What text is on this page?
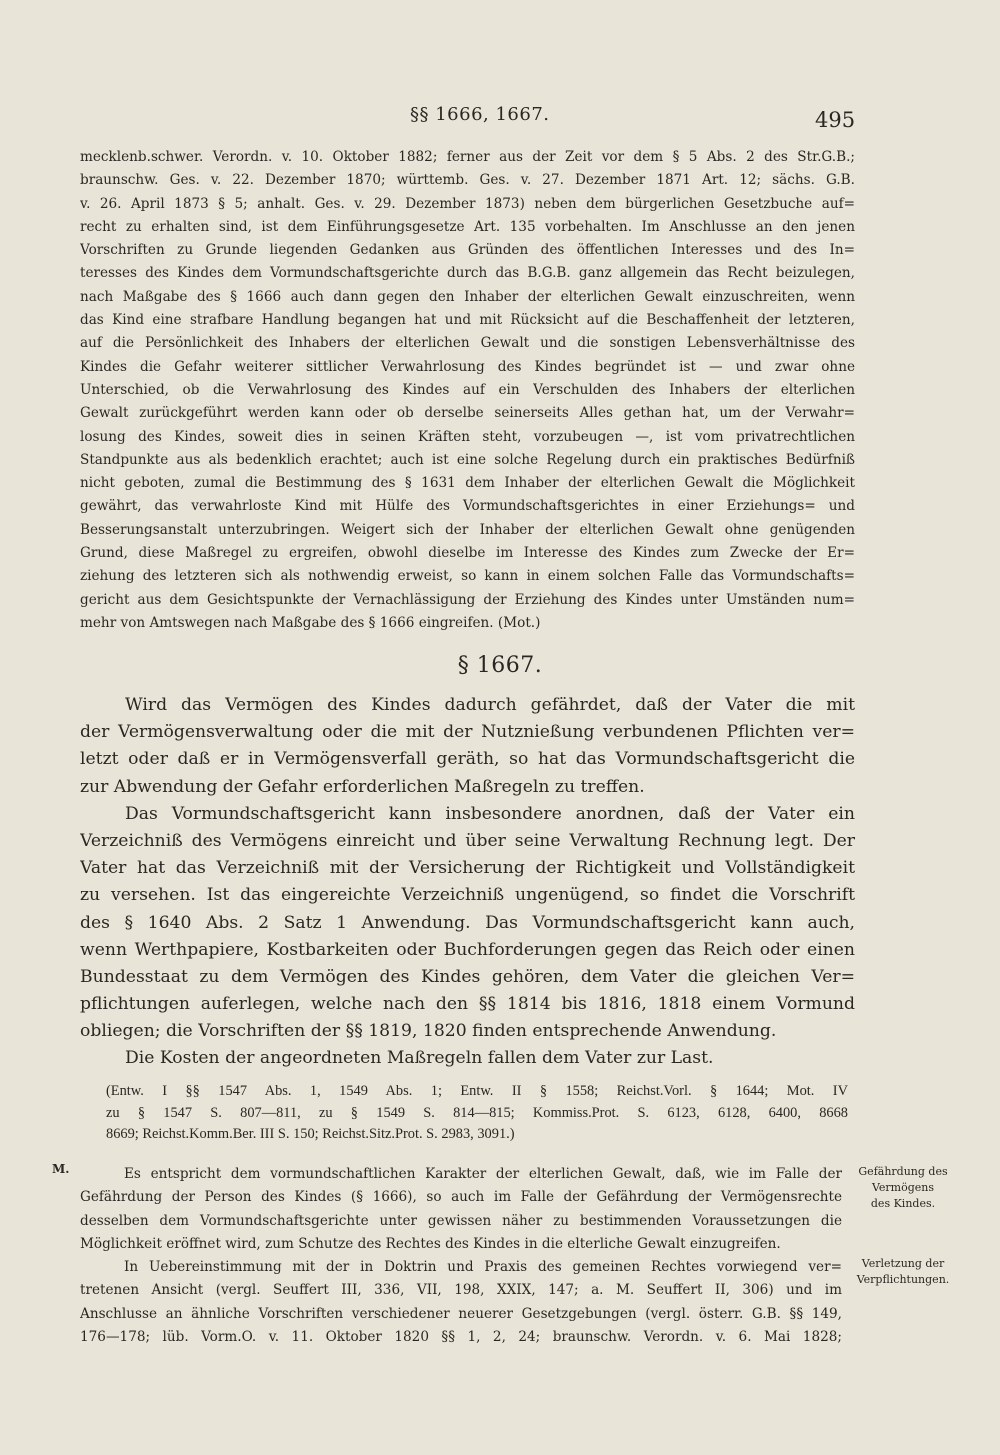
§§ 1666, 1667.	495
mecklenb.schwer. Verordn. v. 10. Oktober 1882; ferner aus der Zeit vor dem § 5 Abs. 2 des Str.G.B.;
braunschw. Ges. v. 22. Dezember 1870; württemb. Ges. v. 27. Dezember 1871 Art. 12; sächs. G.B.
v. 26. April 1873 § 5; anhalt. Ges. v. 29. Dezember 1873) neben dem bürgerlichen Gesetzbuche auf=
recht zu erhalten sind, ist dem Einführungsgesetze Art. 135 vorbehalten. Im Anschlusse an den jenen
Vorschriften zu Grunde liegenden Gedanken aus Gründen des öffentlichen Interesses und des In=
teresses des Kindes dem Vormundschaftsgerichte durch das B.G.B. ganz allgemein das Recht beizulegen,
nach Maßgabe des § 1666 auch dann gegen den Inhaber der elterlichen Gewalt einzuschreiten, wenn
das Kind eine strafbare Handlung begangen hat und mit Rücksicht auf die Beschaffenheit der letzteren,
auf die Persönlichkeit des Inhabers der elterlichen Gewalt und die sonstigen Lebensverhältnisse des
Kindes die Gefahr weiterer sittlicher Verwahrlosung des Kindes begründet ist — und zwar ohne
Unterschied, ob die Verwahrlosung des Kindes auf ein Verschulden des Inhabers der elterlichen
Gewalt zurückgeführt werden kann oder ob derselbe seinerseits Alles gethan hat, um der Verwahr=
losung des Kindes, soweit dies in seinen Kräften steht, vorzubeugen —, ist vom privatrechtlichen
Standpunkte aus als bedenklich erachtet; auch ist eine solche Regelung durch ein praktisches Bedürfniß
nicht geboten, zumal die Bestimmung des § 1631 dem Inhaber der elterlichen Gewalt die Möglichkeit
gewährt, das verwahrloste Kind mit Hülfe des Vormundschaftsgerichtes in einer Erziehungs= und
Besserungsanstalt unterzubringen. Weigert sich der Inhaber der elterlichen Gewalt ohne genügenden
Grund, diese Maßregel zu ergreifen, obwohl dieselbe im Interesse des Kindes zum Zwecke der Er=
ziehung des letzteren sich als nothwendig erweist, so kann in einem solchen Falle das Vormundschafts=
gericht aus dem Gesichtspunkte der Vernachlässigung der Erziehung des Kindes unter Umständen num=
mehr von Amtswegen nach Maßgabe des § 1666 eingreifen. (Mot.)
§ 1667.
Wird das Vermögen des Kindes dadurch gefährdet, daß der Vater die mit
der Vermögensverwaltung oder die mit der Nutznießung verbundenen Pflichten ver=
letzt oder daß er in Vermögensverfall geräth, so hat das Vormundschaftsgericht die
zur Abwendung der Gefahr erforderlichen Maßregeln zu treffen.
Das Vormundschaftsgericht kann insbesondere anordnen, daß der Vater ein
Verzeichniß des Vermögens einreicht und über seine Verwaltung Rechnung legt. Der
Vater hat das Verzeichniß mit der Versicherung der Richtigkeit und Vollständigkeit
zu versehen. Ist das eingereichte Verzeichniß ungenügend, so findet die Vorschrift
des § 1640 Abs. 2 Satz 1 Anwendung. Das Vormundschaftsgericht kann auch,
wenn Werthpapiere, Kostbarkeiten oder Buchforderungen gegen das Reich oder einen
Bundesstaat zu dem Vermögen des Kindes gehören, dem Vater die gleichen Ver=
pflichtungen auferlegen, welche nach den §§ 1814 bis 1816, 1818 einem Vormund
obliegen; die Vorschriften der §§ 1819, 1820 finden entsprechende Anwendung.
Die Kosten der angeordneten Maßregeln fallen dem Vater zur Last.
(Entw. I §§ 1547 Abs. 1, 1549 Abs. 1; Entw. II § 1558; Reichst.Vorl. § 1644; Mot. IV
zu § 1547 S. 807—811, zu § 1549 S. 814—815; Kommiss.Prot. S. 6123, 6128, 6400, 8668
8669; Reichst.Komm.Ber. III S. 150; Reichst.Sitz.Prot. S. 2983, 3091.)
M.	Es entspricht dem vormundschaftlichen Karakter der elterlichen Gewalt, daß, wie im Falle der
Gefährdung der Person des Kindes (§ 1666), so auch im Falle der Gefährdung der Vermögensrechte
desselben dem Vormundschaftsgerichte unter gewissen näher zu bestimmenden Voraussetzungen die
Möglichkeit eröffnet wird, zum Schutze des Rechtes des Kindes in die elterliche Gewalt einzugreifen.
In Uebereinstimmung mit der in Doktrin und Praxis des gemeinen Rechtes vorwiegend ver=
tretenen Ansicht (vergl. Seuffert III, 336, VII, 198, XXIX, 147; a. M. Seuffert II, 306) und im
Anschlusse an ähnliche Vorschriften verschiedener neuerer Gesetzgebungen (vergl. österr. G.B. §§ 149,
176—178; lüb. Vorm.O. v. 11. Oktober 1820 §§ 1, 2, 24; braunschw. Verordn. v. 6. Mai 1828;
Gefährdung des
Vermögens
des Kindes.
Verletzung der
Verpflichtungen.
